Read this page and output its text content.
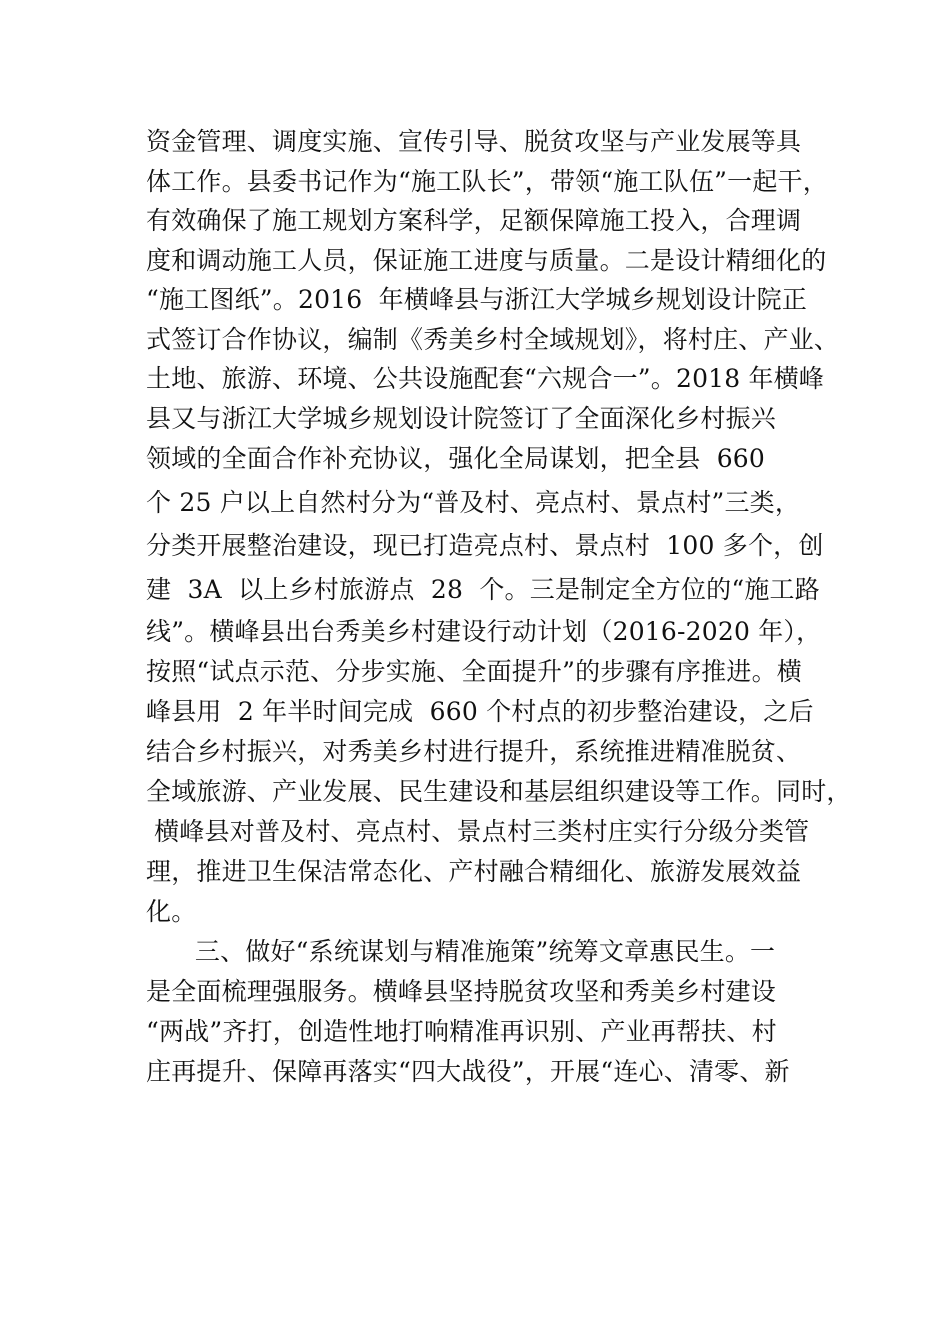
资金管理、调度实施、宣传引导、脱贫攻坚与产业发展等具
体工作。县委书记作为“施工队长”，带领“施工队伍”一起干，
有效确保了施工规划方案科学，足额保障施工投入，合理调
度和调动施工人员，保证施工进度与质量。二是设计精细化的
“施工图纸”。2016  年横峰县与浙江大学城乡规划设计院正
式签订合作协议，编制《秀美乡村全域规划》，将村庄、产业、
土地、旅游、环境、公共设施配套“六规合一”。2018 年横峰
县又与浙江大学城乡规划设计院签订了全面深化乡村振兴
领域的全面合作补充协议，强化全局谋划，把全县  660
个 25 户以上自然村分为“普及村、亮点村、景点村”三类，
分类开展整治建设，现已打造亮点村、景点村  100 多个，创
建  3A  以上乡村旅游点  28  个。三是制定全方位的“施工路
线”。横峰县出台秀美乡村建设行动计划（2016-2020 年），
按照“试点示范、分步实施、全面提升”的步骤有序推进。横
峰县用  2 年半时间完成  660 个村点的初步整治建设，之后
结合乡村振兴，对秀美乡村进行提升，系统推进精准脱贫、
全域旅游、产业发展、民生建设和基层组织建设等工作。同时，
横峰县对普及村、亮点村、景点村三类村庄实行分级分类管
理，推进卫生保洁常态化、产村融合精细化、旅游发展效益
化。
三、做好“系统谋划与精准施策”统筹文章惠民生。一
是全面梳理强服务。横峰县坚持脱贫攻坚和秀美乡村建设
“两战”齐打，创造性地打响精准再识别、产业再帮扶、村
庄再提升、保障再落实“四大战役”，开展“连心、清零、新
